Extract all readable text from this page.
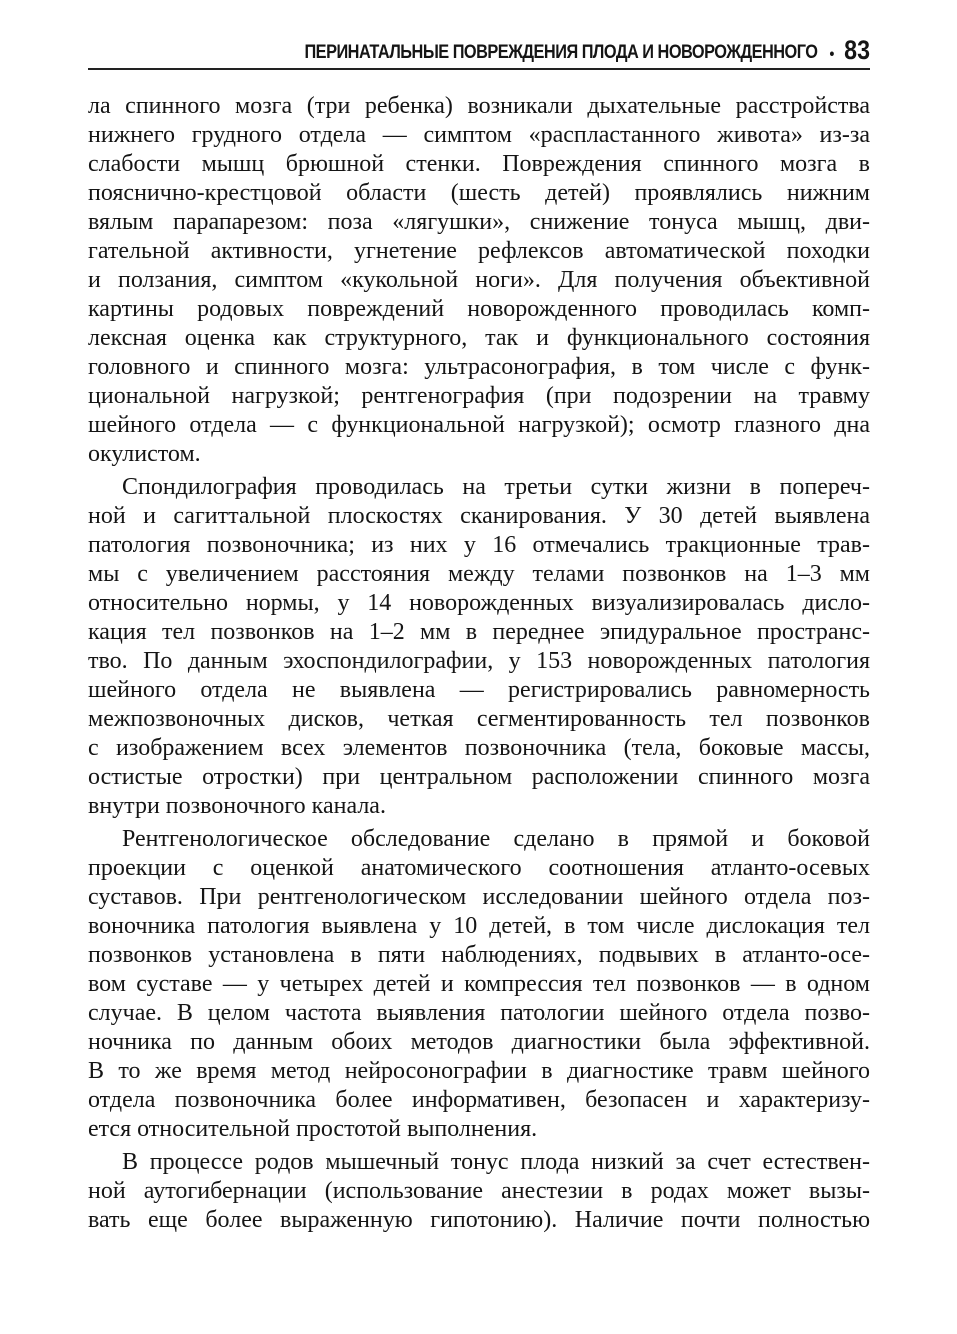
ПЕРИНАТАЛЬНЫЕ ПОВРЕЖДЕНИЯ ПЛОДА И НОВОРОЖДЕННОГО • 83
ла спинного мозга (три ребенка) возникали дыхательные расстройства
нижнего грудного отдела — симптом «распластанного живота» из-за
слабости мышц брюшной стенки. Повреждения спинного мозга в
пояснично-крестцовой области (шесть детей) проявлялись нижним
вялым парапарезом: поза «лягушки», снижение тонуса мышц, дви-
гательной активности, угнетение рефлексов автоматической походки
и ползания, симптом «кукольной ноги». Для получения объективной
картины родовых повреждений новорожденного проводилась комп-
лексная оценка как структурного, так и функционального состояния
головного и спинного мозга: ультрасонография, в том числе с функ-
циональной нагрузкой; рентгенография (при подозрении на травму
шейного отдела — с функциональной нагрузкой); осмотр глазного дна
окулистом.
Спондилография проводилась на третьи сутки жизни в попереч-
ной и сагиттальной плоскостях сканирования. У 30 детей выявлена
патология позвоночника; из них у 16 отмечались тракционные трав-
мы с увеличением расстояния между телами позвонков на 1–3 мм
относительно нормы, у 14 новорожденных визуализировалась дисло-
кация тел позвонков на 1–2 мм в переднее эпидуральное пространс-
тво. По данным эхоспондилографии, у 153 новорожденных патология
шейного отдела не выявлена — регистрировались равномерность
межпозвоночных дисков, четкая сегментированность тел позвонков
с изображением всех элементов позвоночника (тела, боковые массы,
остистые отростки) при центральном расположении спинного мозга
внутри позвоночного канала.
Рентгенологическое обследование сделано в прямой и боковой
проекции с оценкой анатомического соотношения атланто-осевых
суставов. При рентгенологическом исследовании шейного отдела поз-
воночника патология выявлена у 10 детей, в том числе дислокация тел
позвонков установлена в пяти наблюдениях, подвывих в атланто-осе-
вом суставе — у четырех детей и компрессия тел позвонков — в одном
случае. В целом частота выявления патологии шейного отдела позво-
ночника по данным обоих методов диагностики была эффективной.
В то же время метод нейросонографии в диагностике травм шейного
отдела позвоночника более информативен, безопасен и характеризу-
ется относительной простотой выполнения.
В процессе родов мышечный тонус плода низкий за счет естествен-
ной аутогибернации (использование анестезии в родах может вызы-
вать еще более выраженную гипотонию). Наличие почти полностью
